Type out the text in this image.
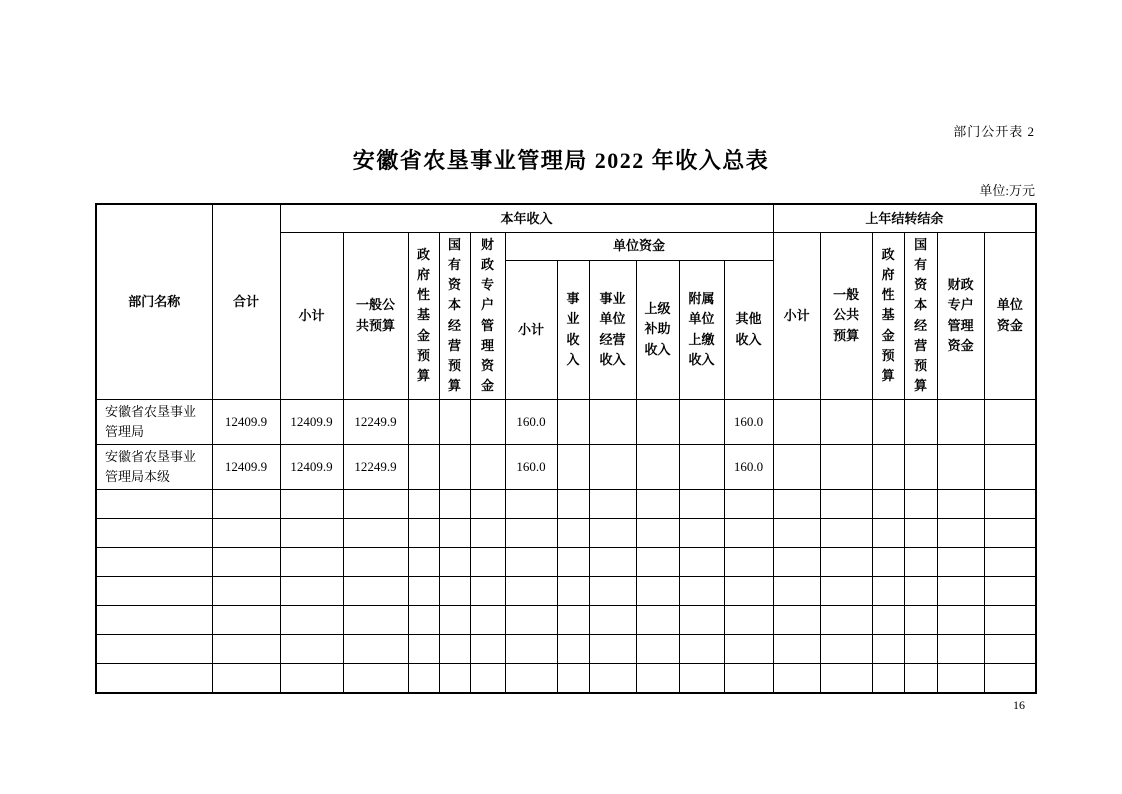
部门公开表 2
安徽省农垦事业管理局 2022 年收入总表
单位:万元
部门名称	合计	本年收入											上年结转结余					
		小计	一般公共预算	政府性基金预算	国有资本经营预算	财政专户管理资金	单位资金						小计	一般公共预算	政府性基金预算	国有资本经营预算	财政专户管理资金	单位资金

							小计	事业收入	事业单位经营收入	上级补助收入	附属单位上缴收入	其他收入						

安徽省农垦事业管理局	12409.9	12409.9	12249.9				160.0					160.0						
安徽省农垦事业管理局本级	12409.9	12409.9	12249.9				160.0					160.0						

16
